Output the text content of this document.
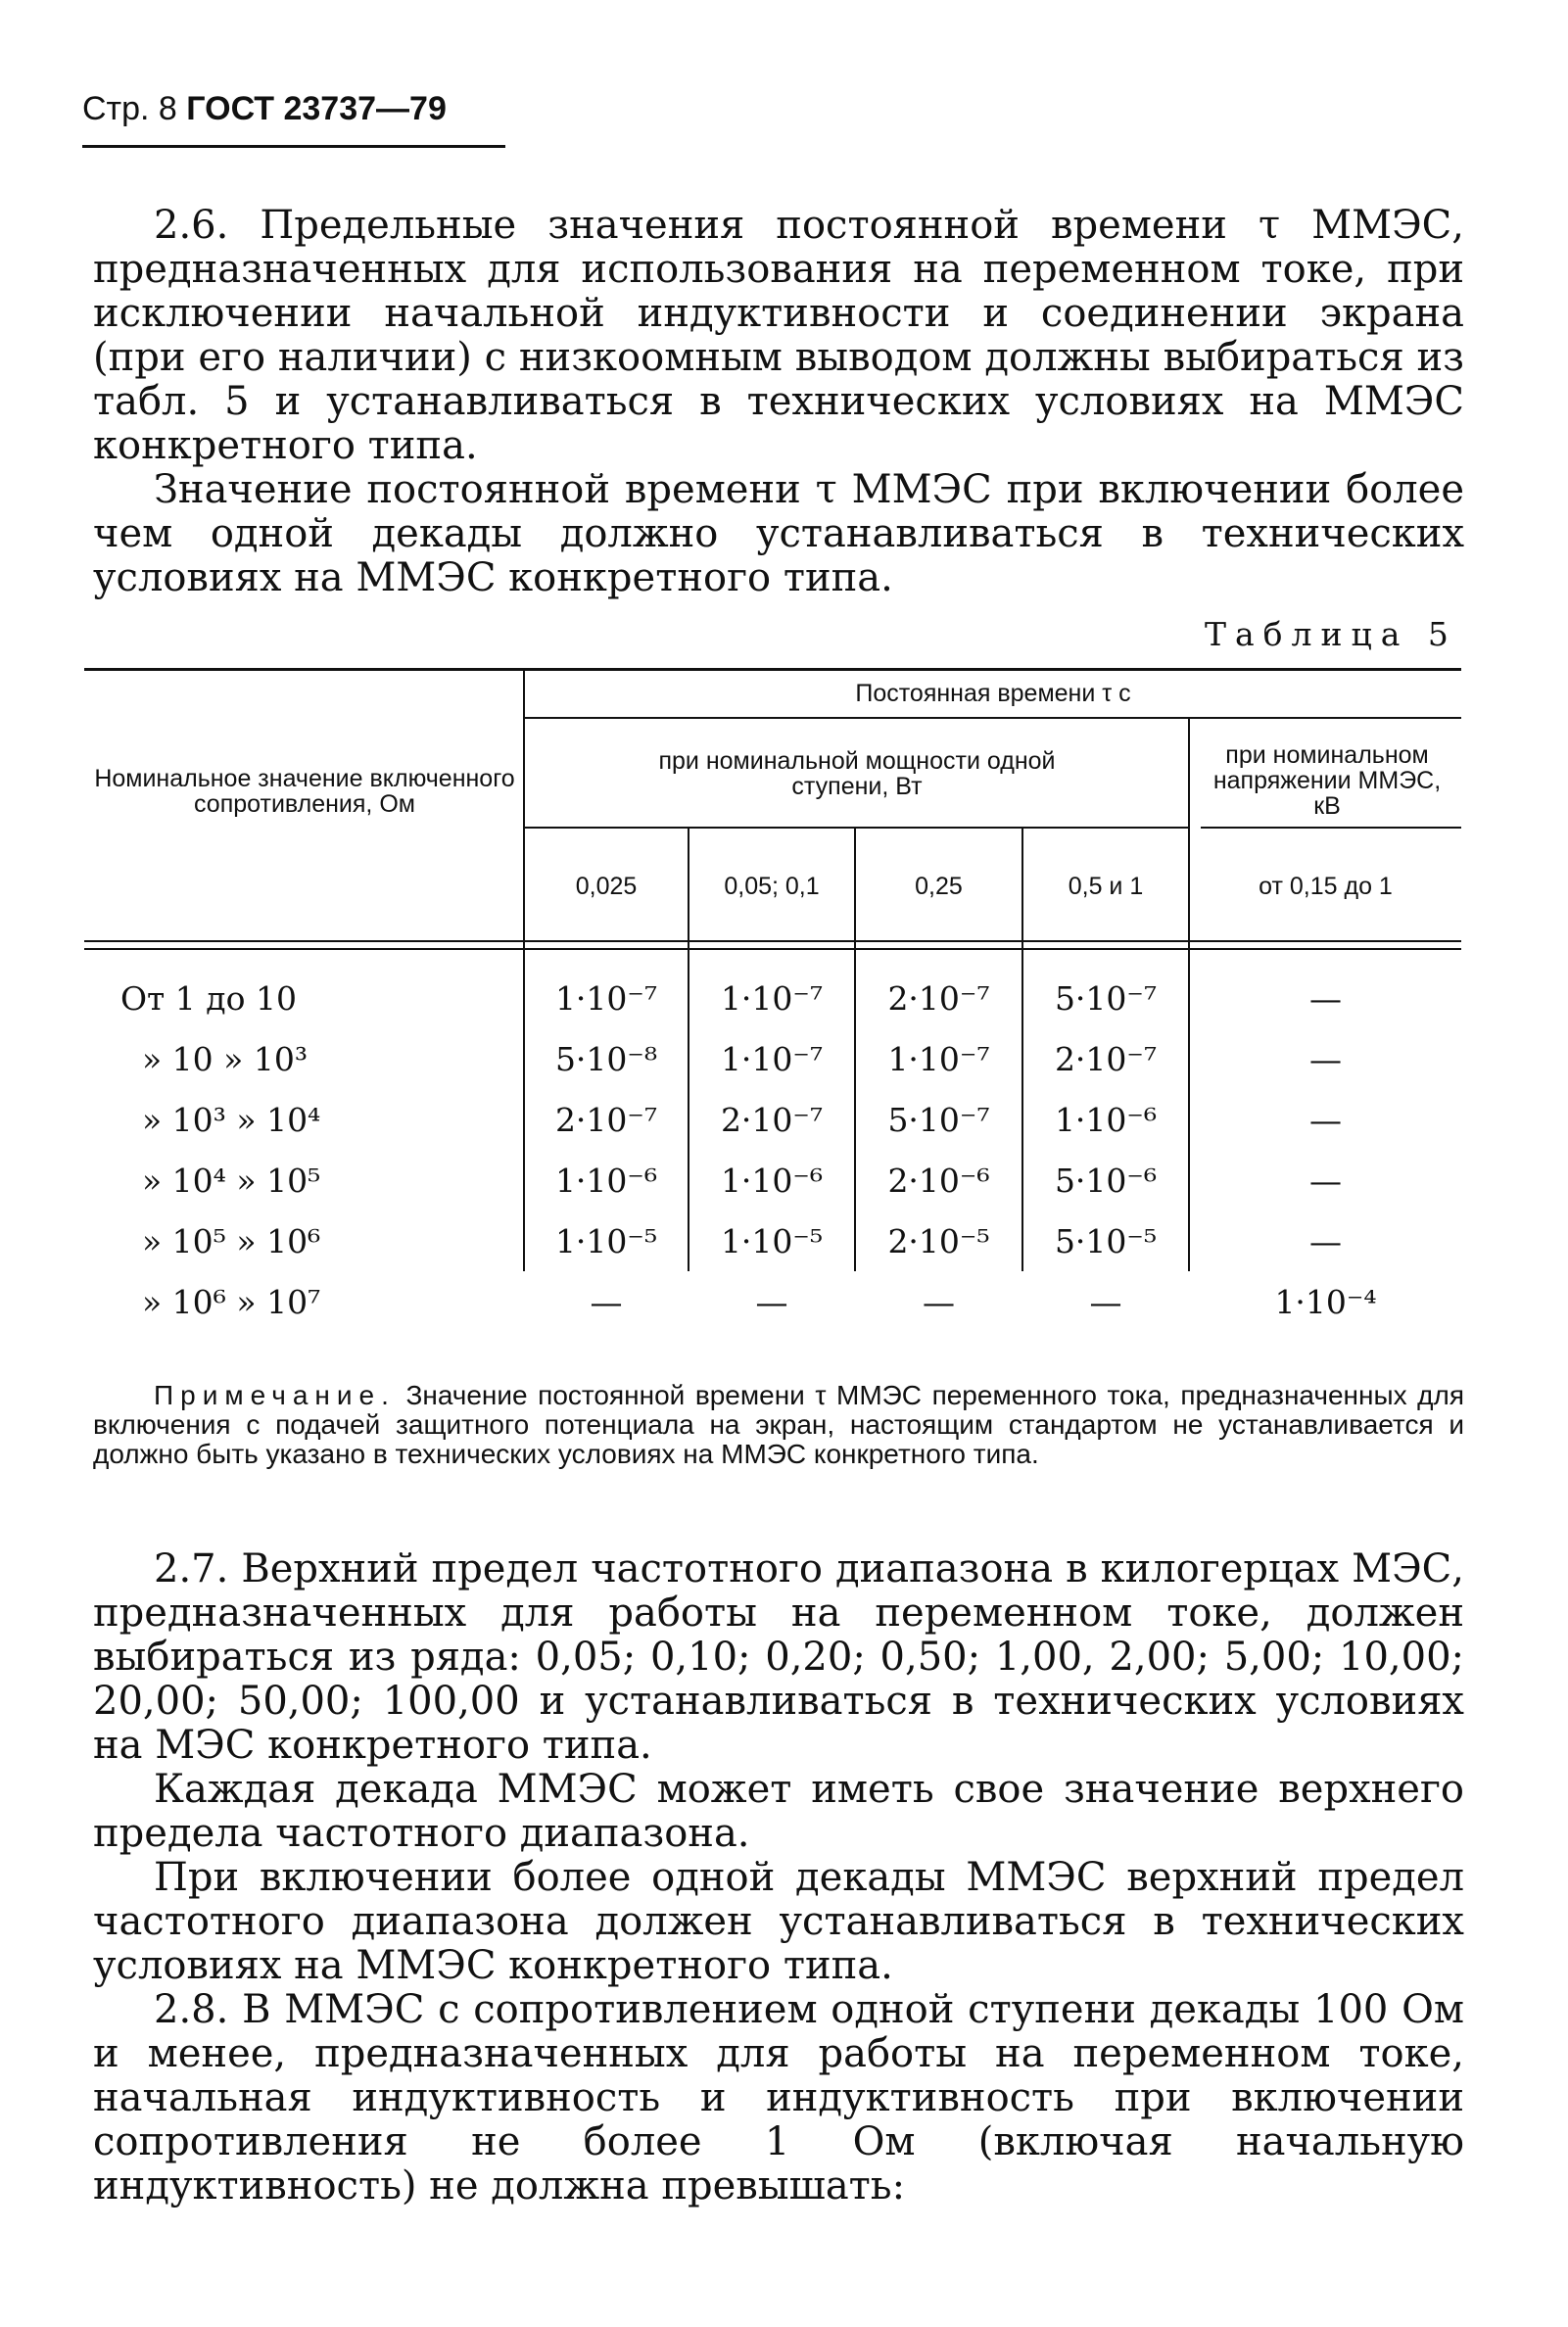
Стр. 8 ГОСТ 23737—79
2.6. Предельные значения постоянной времени τ ММЭС, предназначенных для использования на переменном токе, при исключении начальной индуктивности и соединении экрана (при его наличии) с низкоомным выводом должны выбираться из табл. 5 и устанавливаться в технических условиях на ММЭС конкретного типа.
Значение постоянной времени τ ММЭС при включении более чем одной декады должно устанавливаться в технических условиях на ММЭС конкретного типа.
Таблица 5
Номинальное значение включенного сопротивления, Ом
Постоянная времени τ с
при номинальной мощности одной ступени, Вт
при номинальном напряжении ММЭС, кВ
0,025	0,05; 0,1	0,25	0,5 и 1	от 0,15 до 1
От 1 до 10	1·10⁻⁷	1·10⁻⁷	2·10⁻⁷	5·10⁻⁷	—
» 10 » 10³	5·10⁻⁸	1·10⁻⁷	1·10⁻⁷	2·10⁻⁷	—
» 10³ » 10⁴	2·10⁻⁷	2·10⁻⁷	5·10⁻⁷	1·10⁻⁶	—
» 10⁴ » 10⁵	1·10⁻⁶	1·10⁻⁶	2·10⁻⁶	5·10⁻⁶	—
» 10⁵ » 10⁶	1·10⁻⁵	1·10⁻⁵	2·10⁻⁵	5·10⁻⁵	—
» 10⁶ » 10⁷	—	—	—	—	1·10⁻⁴
Примечание. Значение постоянной времени τ ММЭС переменного тока, предназначенных для включения с подачей защитного потенциала на экран, настоящим стандартом не устанавливается и должно быть указано в технических условиях на ММЭС конкретного типа.
2.7. Верхний предел частотного диапазона в килогерцах МЭС, предназначенных для работы на переменном токе, должен выбираться из ряда: 0,05; 0,10; 0,20; 0,50; 1,00, 2,00; 5,00; 10,00; 20,00; 50,00; 100,00 и устанавливаться в технических условиях на МЭС конкретного типа.
Каждая декада ММЭС может иметь свое значение верхнего предела частотного диапазона.
При включении более одной декады ММЭС верхний предел частотного диапазона должен устанавливаться в технических условиях на ММЭС конкретного типа.
2.8. В ММЭС с сопротивлением одной ступени декады 100 Ом и менее, предназначенных для работы на переменном токе, начальная индуктивность и индуктивность при включении сопротивления не более 1 Ом (включая начальную индуктивность) не должна превышать:
